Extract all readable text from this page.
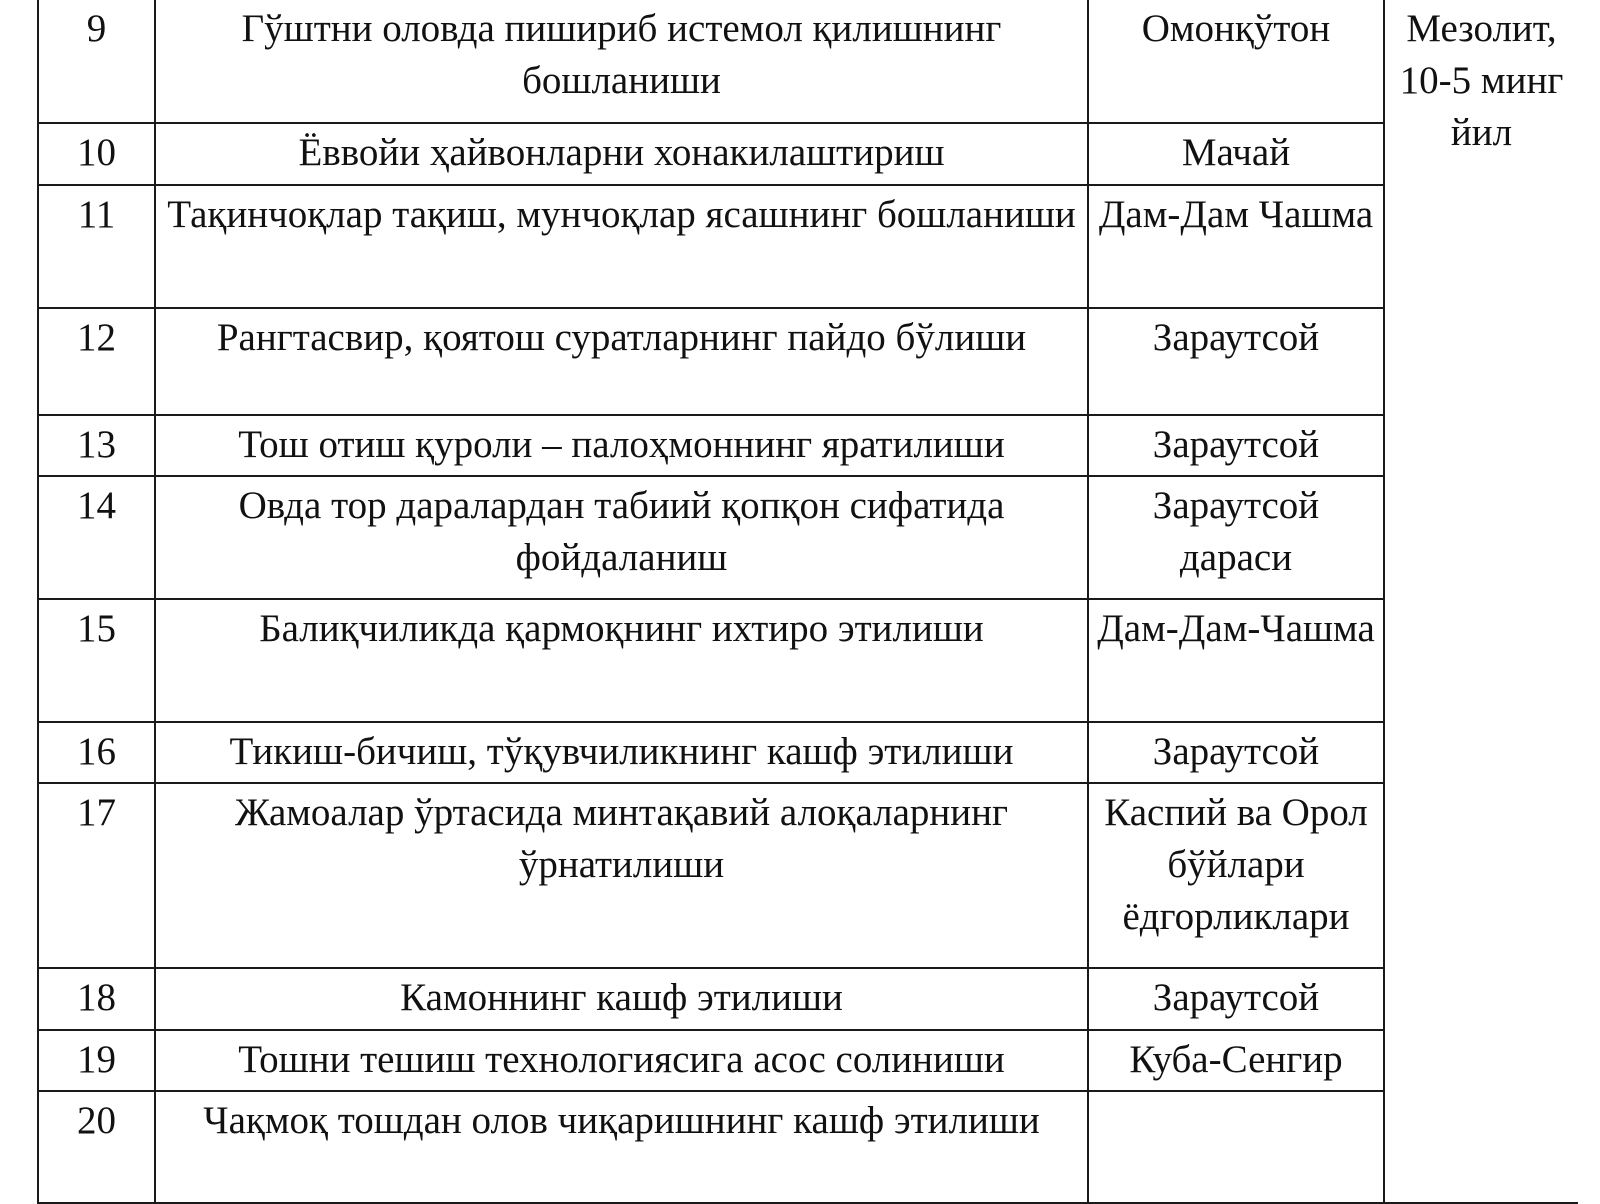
9	Гўштни оловда пишириб истемол қилишнинг бошланиши	Омонқўтон	Мезолит, 10-5 минг йил
10	Ёввойи ҳайвонларни хонакилаштириш	Мачай	
11	Тақинчоқлар тақиш, мунчоқлар ясашнинг бошланиши	Дам-Дам Чашма	
12	Рангтасвир, қоятош суратларнинг пайдо бўлиши	Зараутсой	
13	Тош отиш қуроли – палоҳмоннинг яратилиши	Зараутсой	
14	Овда тор даралардан табиий қопқон сифатида фойдаланиш	Зараутсой дараси	
15	Балиқчиликда қармоқнинг ихтиро этилиши	Дам-Дам-Чашма	
16	Тикиш-бичиш, тўқувчиликнинг кашф этилиши	Зараутсой	
17	Жамоалар ўртасида минтақавий алоқаларнинг ўрнатилиши	Каспий ва Орол бўйлари ёдгорликлари	
18	Камоннинг кашф этилиши	Зараутсой	
19	Тошни тешиш технологиясига асос солиниши	Куба-Сенгир	
20	Чақмоқ тошдан олов чиқаришнинг кашф этилиши		
